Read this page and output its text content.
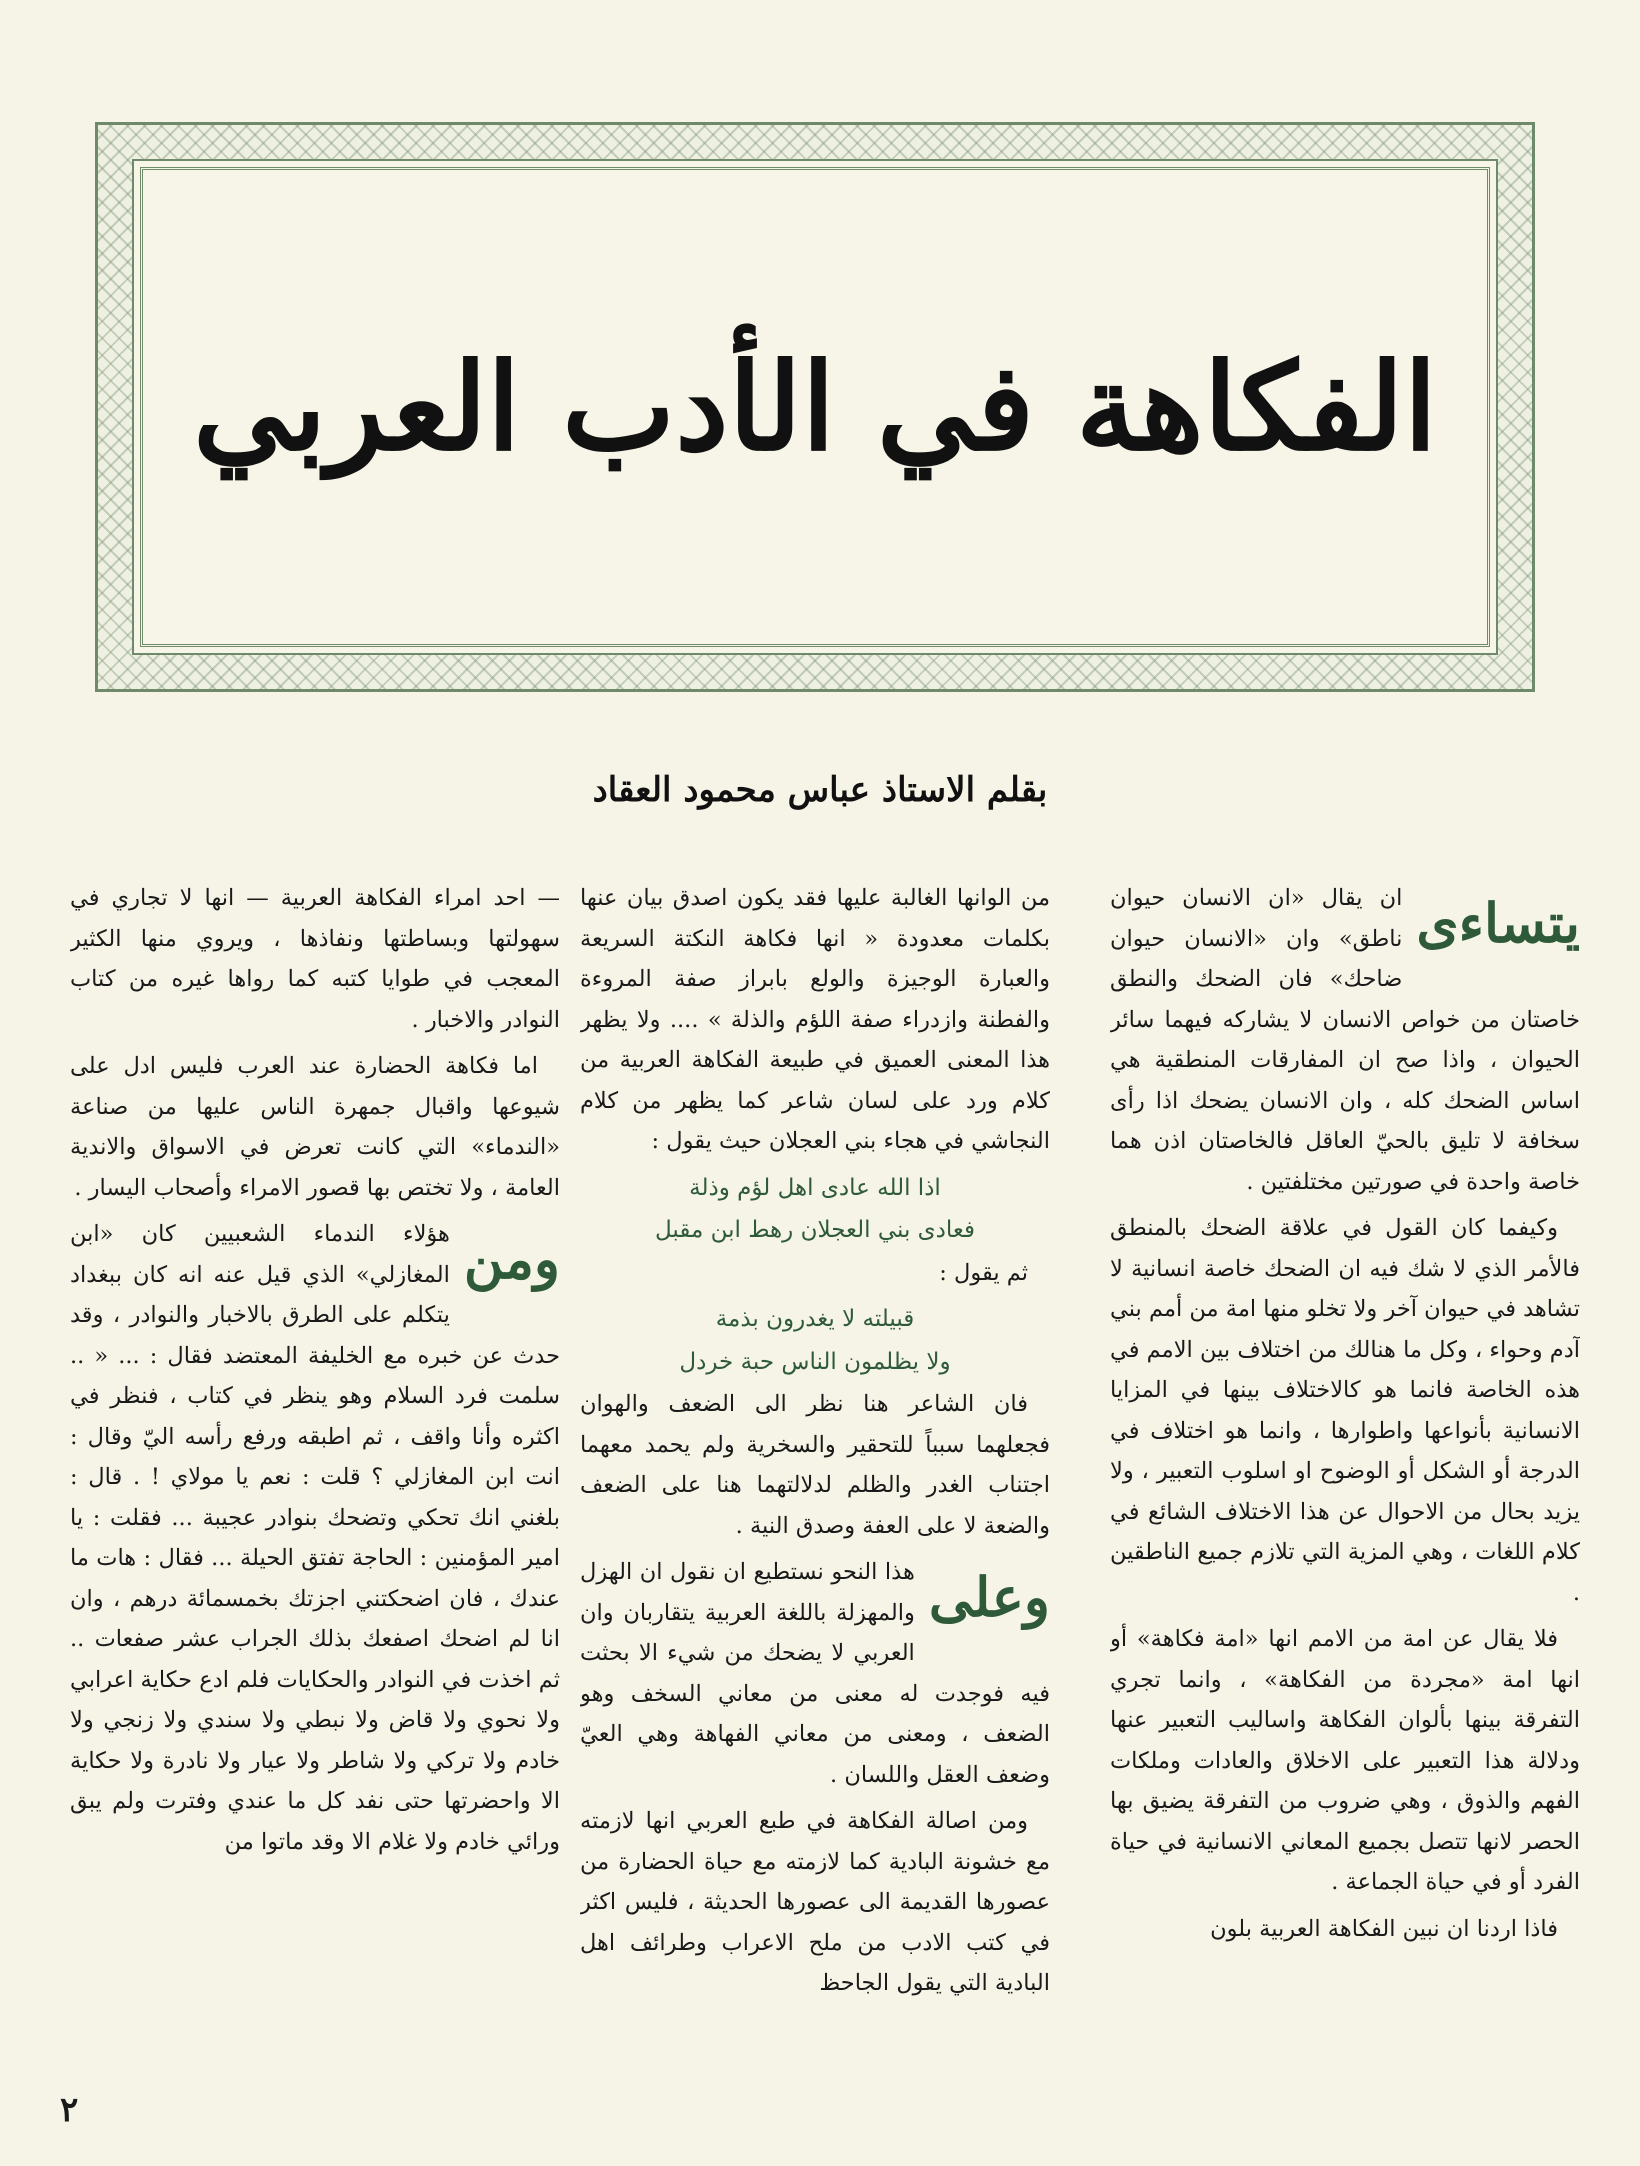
الفكاهة في الأدب العربي
بقلم الاستاذ عباس محمود العقاد
يتساءى

ان يقال «ان الانسان حيوان ناطق» وان «الانسان حيوان ضاحك» فان الضحك والنطق خاصتان من خواص الانسان لا يشاركه فيهما سائر الحيوان ، واذا صح ان المفارقات المنطقية هي اساس الضحك كله ، وان الانسان يضحك اذا رأى سخافة لا تليق بالحيّ العاقل فالخاصتان اذن هما خاصة واحدة في صورتين مختلفتين .

وكيفما كان القول في علاقة الضحك بالمنطق فالأمر الذي لا شك فيه ان الضحك خاصة انسانية لا تشاهد في حيوان آخر ولا تخلو منها امة من أمم بني آدم وحواء ، وكل ما هنالك من اختلاف بين الامم في هذه الخاصة فانما هو كالاختلاف بينها في المزايا الانسانية بأنواعها واطوارها ، وانما هو اختلاف في الدرجة أو الشكل أو الوضوح او اسلوب التعبير ، ولا يزيد بحال من الاحوال عن هذا الاختلاف الشائع في كلام اللغات ، وهي المزية التي تلازم جميع الناطقين .

فلا يقال عن امة من الامم انها «امة فكاهة» أو انها امة «مجردة من الفكاهة» ، وانما تجري التفرقة بينها بألوان الفكاهة واساليب التعبير عنها ودلالة هذا التعبير على الاخلاق والعادات وملكات الفهم والذوق ، وهي ضروب من التفرقة يضيق بها الحصر لانها تتصل بجميع المعاني الانسانية في حياة الفرد أو في حياة الجماعة .

فاذا اردنا ان نبين الفكاهة العربية بلون

من الوانها الغالبة عليها فقد يكون اصدق بيان عنها بكلمات معدودة « انها فكاهة النكتة السريعة والعبارة الوجيزة والولع بابراز صفة المروءة والفطنة وازدراء صفة اللؤم والذلة » .... ولا يظهر هذا المعنى العميق في طبيعة الفكاهة العربية من كلام ورد على لسان شاعر كما يظهر من كلام النجاشي في هجاء بني العجلان حيث يقول :

اذا الله عادى اهل لؤم وذلة

فعادى بني العجلان رهط ابن مقبل

ثم يقول :

قبيلته لا يغدرون بذمة

ولا يظلمون الناس حبة خردل

فان الشاعر هنا نظر الى الضعف والهوان فجعلهما سبباً للتحقير والسخرية ولم يحمد معهما اجتناب الغدر والظلم لدلالتهما هنا على الضعف والضعة لا على العفة وصدق النية .

وعلى

هذا النحو نستطيع ان نقول ان الهزل والمهزلة باللغة العربية يتقاربان وان العربي لا يضحك من شيء الا بحثت فيه فوجدت له معنى من معاني السخف وهو الضعف ، ومعنى من معاني الفهاهة وهي العيّ وضعف العقل واللسان .

ومن اصالة الفكاهة في طبع العربي انها لازمته مع خشونة البادية كما لازمته مع حياة الحضارة من عصورها القديمة الى عصورها الحديثة ، فليس اكثر في كتب الادب من ملح الاعراب وطرائف اهل البادية التي يقول الجاحظ

— احد امراء الفكاهة العربية — انها لا تجاري في سهولتها وبساطتها ونفاذها ، ويروي منها الكثير المعجب في طوايا كتبه كما رواها غيره من كتاب النوادر والاخبار .

اما فكاهة الحضارة عند العرب فليس ادل على شيوعها واقبال جمهرة الناس عليها من صناعة «الندماء» التي كانت تعرض في الاسواق والاندية العامة ، ولا تختص بها قصور الامراء وأصحاب اليسار .

ومن

هؤلاء الندماء الشعبيين كان «ابن المغازلي» الذي قيل عنه انه كان ببغداد يتكلم على الطرق بالاخبار والنوادر ، وقد حدث عن خبره مع الخليفة المعتضد فقال : ... « .. سلمت فرد السلام وهو ينظر في كتاب ، فنظر في اكثره وأنا واقف ، ثم اطبقه ورفع رأسه اليّ وقال : انت ابن المغازلي ؟ قلت : نعم يا مولاي ! . قال : بلغني انك تحكي وتضحك بنوادر عجيبة ... فقلت : يا امير المؤمنين : الحاجة تفتق الحيلة ... فقال : هات ما عندك ، فان اضحكتني اجزتك بخمسمائة درهم ، وان انا لم اضحك اصفعك بذلك الجراب عشر صفعات .. ثم اخذت في النوادر والحكايات فلم ادع حكاية اعرابي ولا نحوي ولا قاض ولا نبطي ولا سندي ولا زنجي ولا خادم ولا تركي ولا شاطر ولا عيار ولا نادرة ولا حكاية الا واحضرتها حتى نفد كل ما عندي وفترت ولم يبق ورائي خادم ولا غلام الا وقد ماتوا من

٢
